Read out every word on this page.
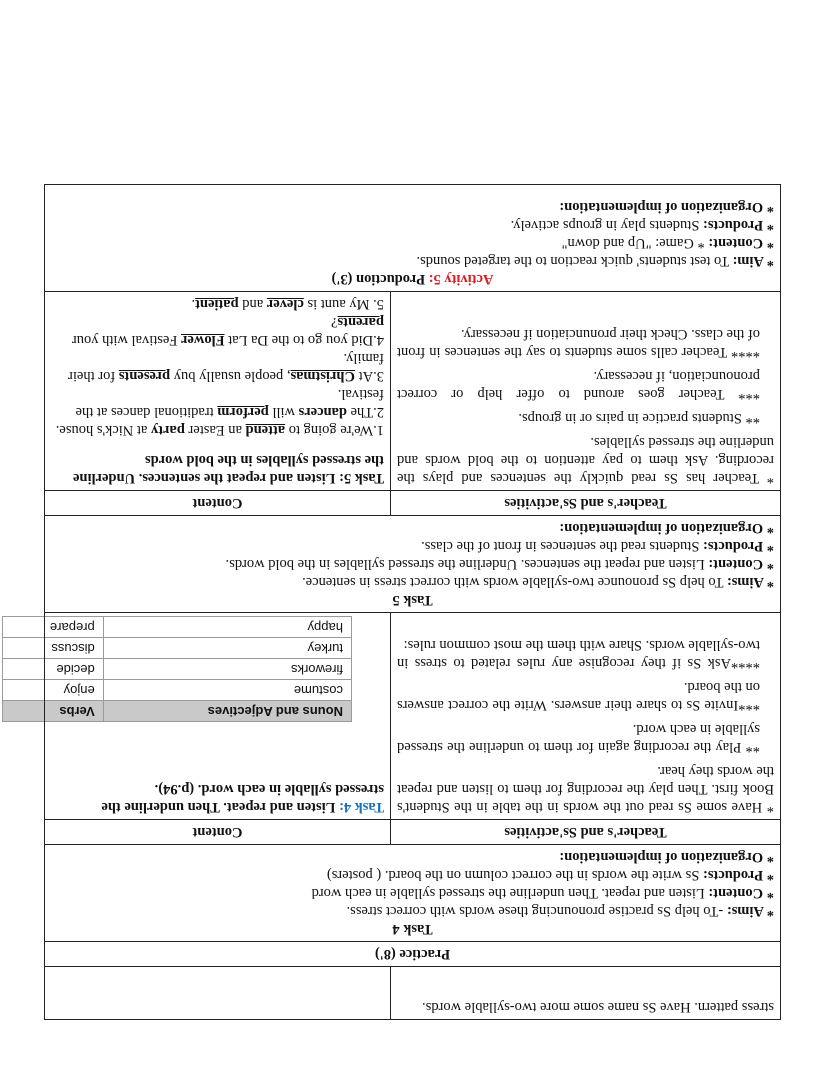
stress pattern. Have Ss name some more two-syllable words.	
Practice (8')

Task 4

* Aims: -To help Ss practise pronouncing these words with correct stress.

* Content: Listen and repeat. Then underline the stressed syllable in each word

* Products: Ss write the words in the correct column on the board. ( posters)

* Organization of implementation:

Teacher's and Ss'activities	Content

* Have some Ss read out the words in the table in the Student's Book first. Then play the recording for them to listen and repeat the words they hear.

** Play the recording again for them to underline the stressed syllable in each word.

***Invite Ss to share their answers. Write the correct answers on the board.

****Ask Ss if they recognise any rules related to stress in two-syllable words. Share with them the most common rules:

Task 4: Listen and repeat. Then underline the stressed syllable in each word. (p.94).

Nouns and Adjectives	Verbs
costume	enjoy
fireworks	decide
turkey	discuss
happy	prepare

Task 5

* Aims: To help Ss pronounce two-syllable words with correct stress in sentence.

* Content: Listen and repeat the sentences. Underline the stressed syllables in the bold words.

* Products: Students read the sentences in front of the class.

* Organization of implementation:

Teacher's and Ss'activities	Content

* Teacher has Ss read quickly the sentences and plays the recording. Ask them to pay attention to the bold words and underline the stressed syllables.

** Students practice in pairs or in groups.

*** Teacher goes around to offer help or correct pronounciation, if necessary.

**** Teacher calls some students to say the sentences in front of the class. Check their pronunciation if necessary.

Task 5: Listen and repeat the sentences. Underline the stressed syllables in the bold words

1.We're going to attend an Easter party at Nick's house.

2.The dancers will perform traditional dances at the festival.

3.At Christmas, people usually buy presents for their family.

4.Did you go to the Da Lat Flower Festival with your parents?

5. My aunt is clever and patient.

Activity 5: Production (3')

* Aim: To test students' quick reaction to the targeted sounds.

* Content: * Game: "Up and down"

* Products: Students play in groups actively.

* Organization of implementation:
